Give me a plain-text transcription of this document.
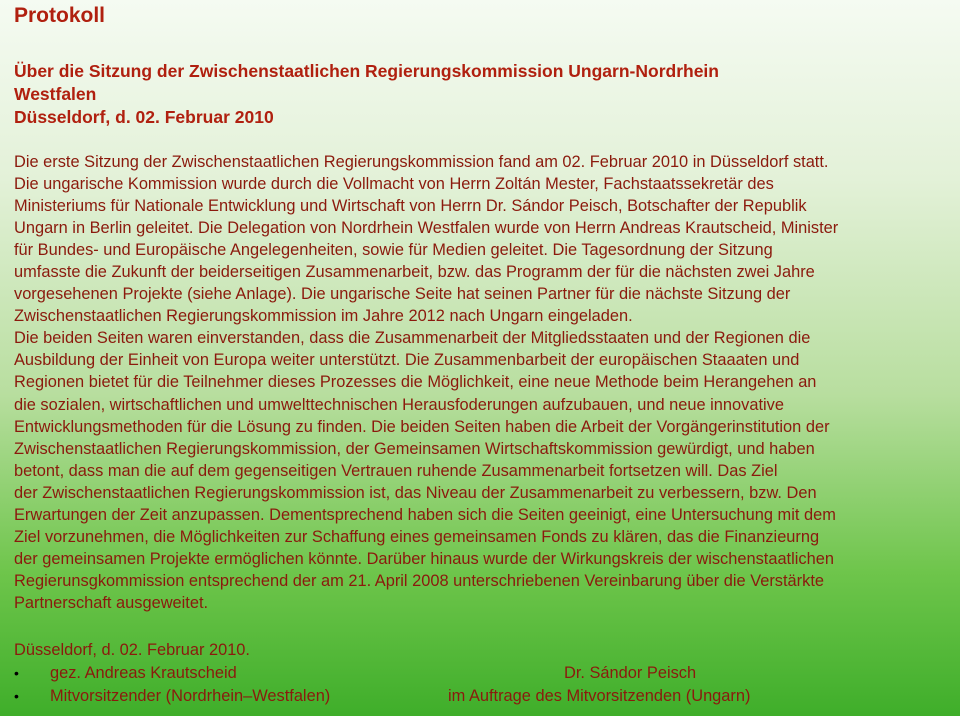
Protokoll
Über die Sitzung der Zwischenstaatlichen Regierungskommission Ungarn-Nordrhein
Westfalen
Düsseldorf, d. 02. Februar 2010
Die erste Sitzung der Zwischenstaatlichen Regierungskommission fand am 02. Februar 2010 in Düsseldorf statt.
Die ungarische Kommission wurde durch die Vollmacht von Herrn Zoltán Mester, Fachstaatssekretär des
Ministeriums für Nationale Entwicklung und Wirtschaft von Herrn Dr. Sándor Peisch, Botschafter der Republik
Ungarn in Berlin geleitet. Die Delegation von Nordrhein Westfalen wurde von Herrn Andreas Krautscheid, Minister
für Bundes- und Europäische Angelegenheiten, sowie für Medien geleitet. Die Tagesordnung der Sitzung
umfasste die Zukunft der beiderseitigen Zusammenarbeit, bzw. das Programm der für die nächsten zwei Jahre
vorgesehenen Projekte (siehe Anlage). Die ungarische Seite hat seinen Partner für die nächste Sitzung der
Zwischenstaatlichen Regierungskommission im Jahre 2012 nach Ungarn eingeladen.
Die beiden Seiten waren einverstanden, dass die Zusammenarbeit der Mitgliedsstaaten und der Regionen die
Ausbildung der Einheit von Europa weiter unterstützt. Die Zusammenbarbeit der europäischen Staaaten und
Regionen bietet für die Teilnehmer dieses Prozesses die Möglichkeit, eine neue Methode beim Herangehen an
die sozialen, wirtschaftlichen und umwelttechnischen Herausfoderungen aufzubauen, und neue innovative
Entwicklungsmethoden für die Lösung zu finden. Die beiden Seiten haben die Arbeit der Vorgängerinstitution der
Zwischenstaatlichen Regierungskommission, der Gemeinsamen Wirtschaftskommission gewürdigt, und haben
betont, dass man die auf dem gegenseitigen Vertrauen ruhende Zusammenarbeit fortsetzen will. Das Ziel
der Zwischenstaatlichen Regierungskommission ist, das Niveau der Zusammenarbeit zu verbessern, bzw. Den
Erwartungen der Zeit anzupassen. Dementsprechend haben sich die Seiten geeinigt, eine Untersuchung mit dem
Ziel vorzunehmen, die Möglichkeiten zur Schaffung eines gemeinsamen Fonds zu klären, das die Finanzieurng
der gemeinsamen Projekte ermöglichen könnte. Darüber hinaus wurde der Wirkungskreis der wischenstaatlichen
Regierunsgkommission entsprechend der am 21. April 2008 unterschriebenen Vereinbarung über die Verstärkte
Partnerschaft ausgeweitet.
Düsseldorf, d. 02. Februar 2010.
• gez. Andreas Krautscheid	Dr. Sándor Peisch
• Mitvorsitzender (Nordrhein–Westfalen)	im Auftrage des Mitvorsitzenden (Ungarn)
